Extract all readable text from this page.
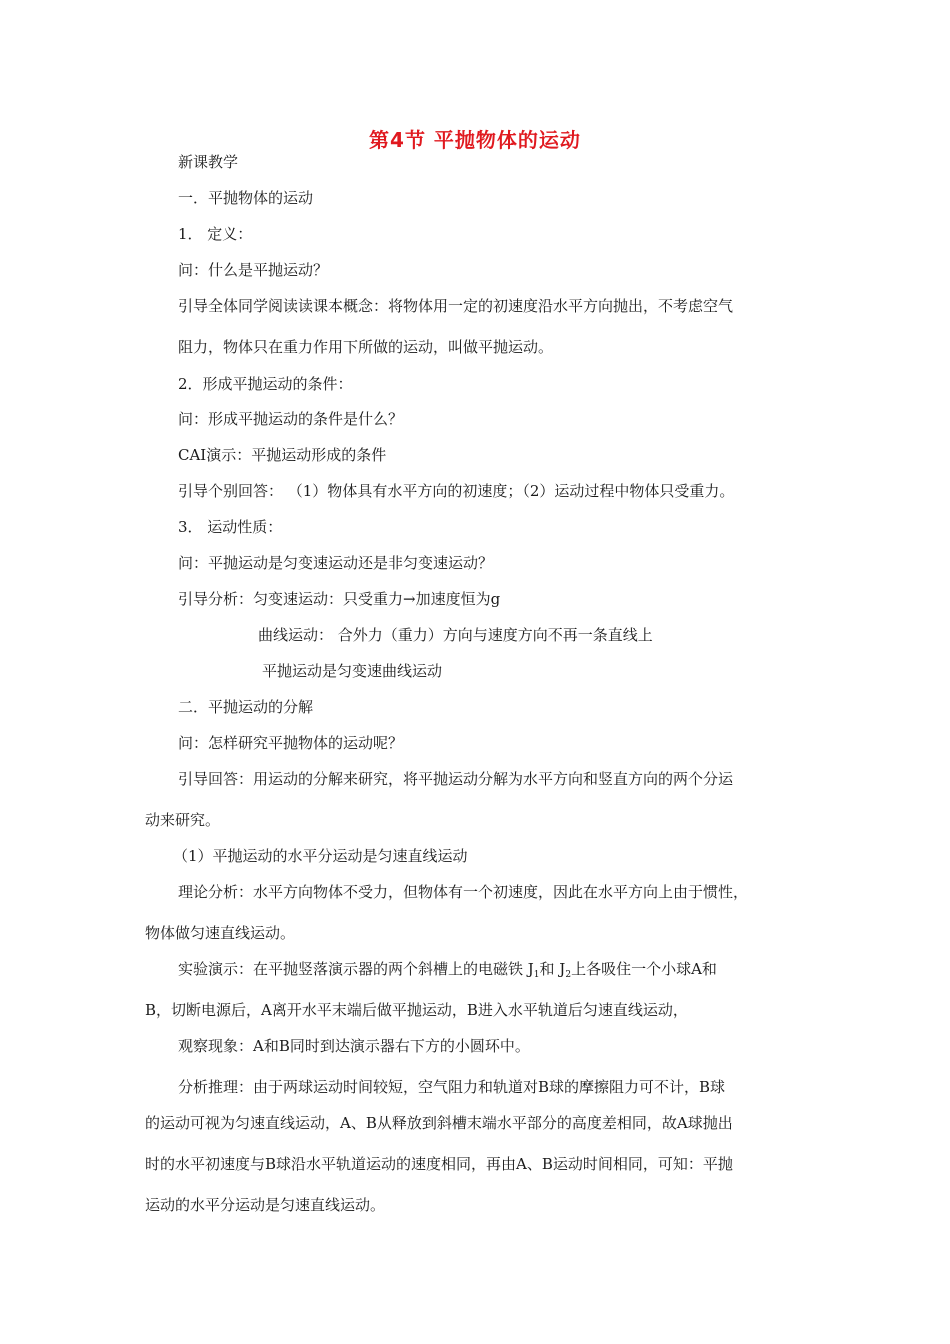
第4节 平抛物体的运动
新课教学
一．平抛物体的运动
1． 定义：
问：什么是平抛运动？
引导全体同学阅读读课本概念：将物体用一定的初速度沿水平方向抛出，不考虑空气
阻力，物体只在重力作用下所做的运动，叫做平抛运动。
2．形成平抛运动的条件：
问：形成平抛运动的条件是什么？
CAI演示：平抛运动形成的条件
引导个别回答： （1）物体具有水平方向的初速度；（2）运动过程中物体只受重力。
3． 运动性质：
问：平抛运动是匀变速运动还是非匀变速运动？
引导分析：匀变速运动：只受重力→加速度恒为g
曲线运动： 合外力（重力）方向与速度方向不再一条直线上
平抛运动是匀变速曲线运动
二．平抛运动的分解
问：怎样研究平抛物体的运动呢？
引导回答：用运动的分解来研究，将平抛运动分解为水平方向和竖直方向的两个分运
动来研究。
（1）平抛运动的水平分运动是匀速直线运动
理论分析：水平方向物体不受力，但物体有一个初速度，因此在水平方向上由于惯性，
物体做匀速直线运动。
实验演示：在平抛竖落演示器的两个斜槽上的电磁铁 $J_1$和 $J_2$上各吸住一个小球A和
B，切断电源后，A离开水平末端后做平抛运动，B进入水平轨道后匀速直线运动，
观察现象：A和B同时到达演示器右下方的小圆环中。
分析推理：由于两球运动时间较短，空气阻力和轨道对B球的摩擦阻力可不计，B球
的运动可视为匀速直线运动，A、B从释放到斜槽末端水平部分的高度差相同，故A球抛出
时的水平初速度与B球沿水平轨道运动的速度相同，再由A、B运动时间相同，可知：平抛
运动的水平分运动是匀速直线运动。
